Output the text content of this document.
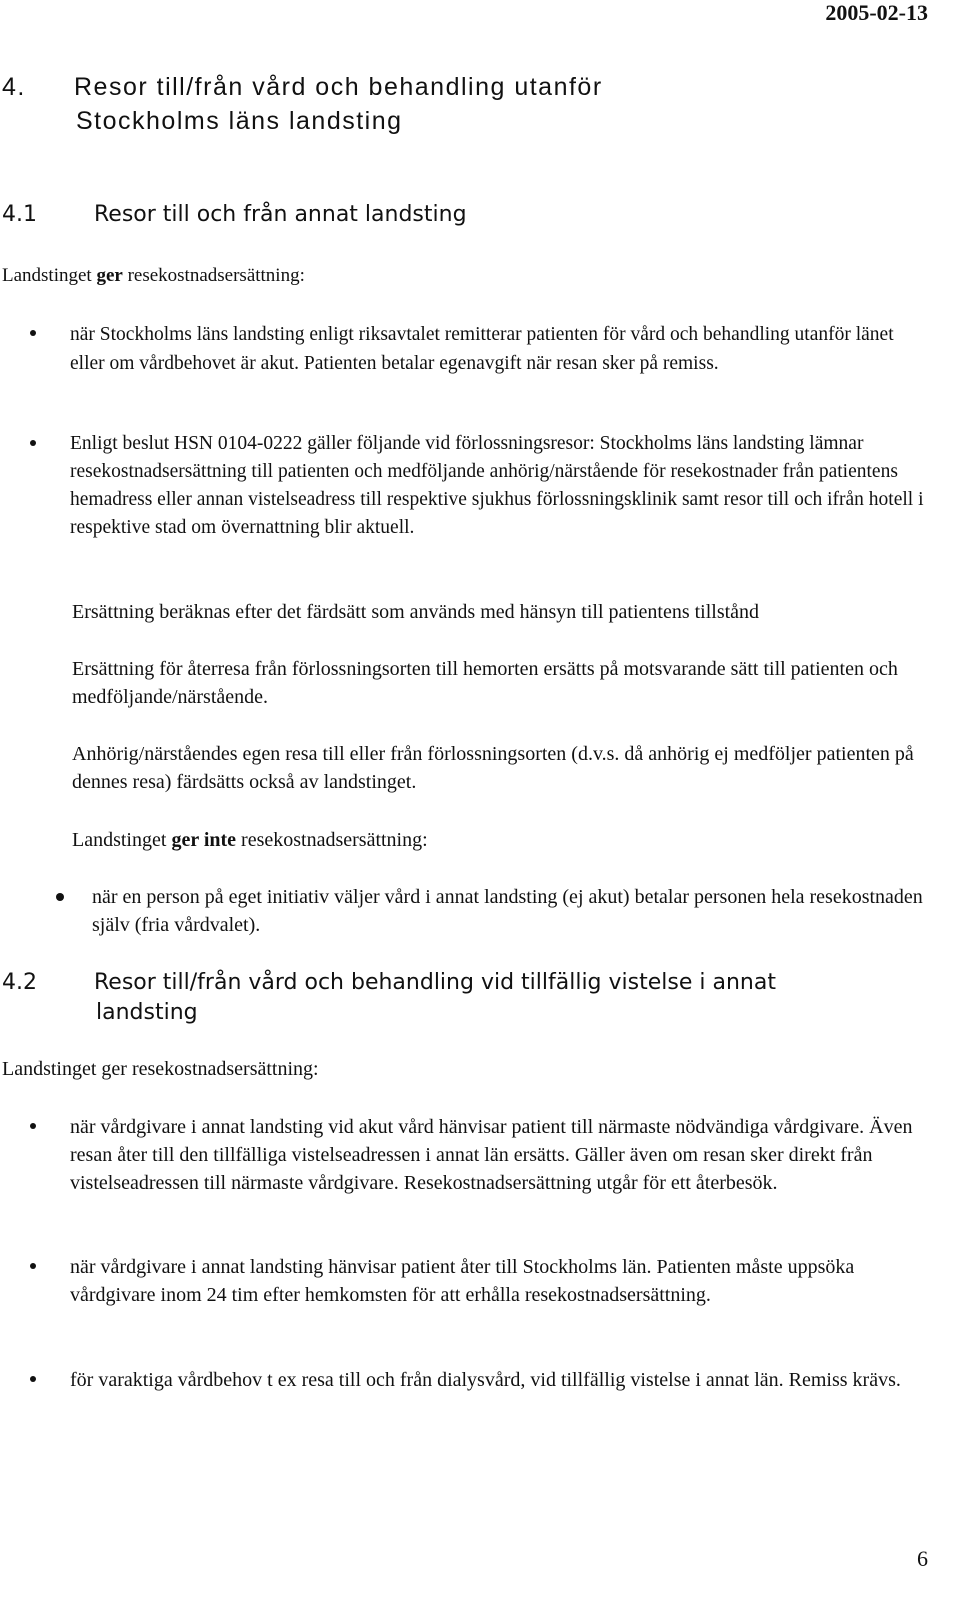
2005-02-13
4. Resor till/från vård och behandling utanför
Stockholms läns landsting
4.1	Resor till och från annat landsting
Landstinget ger resekostnadsersättning:
när Stockholms läns landsting enligt riksavtalet remitterar patienten för vård och behandling utanför länet eller om vårdbehovet är akut. Patienten betalar egenavgift när resan sker på remiss.
Enligt beslut HSN 0104-0222 gäller följande vid förlossningsresor: Stockholms läns landsting lämnar resekostnadsersättning till patienten och medföljande anhörig/närstående för resekostnader från patientens hemadress eller annan vistelseadress till respektive sjukhus förlossningsklinik samt resor till och ifrån hotell i respektive stad om övernattning blir aktuell.
Ersättning beräknas efter det färdsätt som används med hänsyn till patientens tillstånd
Ersättning för återresa från förlossningsorten till hemorten ersätts på motsvarande sätt till patienten och medföljande/närstående.
Anhörig/närståendes egen resa till eller från förlossningsorten (d.v.s. då anhörig ej medföljer patienten på dennes resa) färdsätts också av landstinget.
Landstinget ger inte resekostnadsersättning:
när en person på eget initiativ väljer vård i annat landsting (ej akut) betalar personen hela resekostnaden själv (fria vårdvalet).
4.2	Resor till/från vård och behandling vid tillfällig vistelse i annat
landsting
Landstinget ger resekostnadsersättning:
när vårdgivare i annat landsting vid akut vård hänvisar patient till närmaste nödvändiga vårdgivare. Även resan åter till den tillfälliga vistelseadressen i annat län ersätts. Gäller även om resan sker direkt från vistelseadressen till närmaste vårdgivare. Resekostnadsersättning utgår för ett återbesök.
när vårdgivare i annat landsting hänvisar patient åter till Stockholms län. Patienten måste uppsöka vårdgivare inom 24 tim efter hemkomsten för att erhålla resekostnadsersättning.
för varaktiga vårdbehov t ex resa till och från dialysvård, vid tillfällig vistelse i annat län. Remiss krävs.
6
